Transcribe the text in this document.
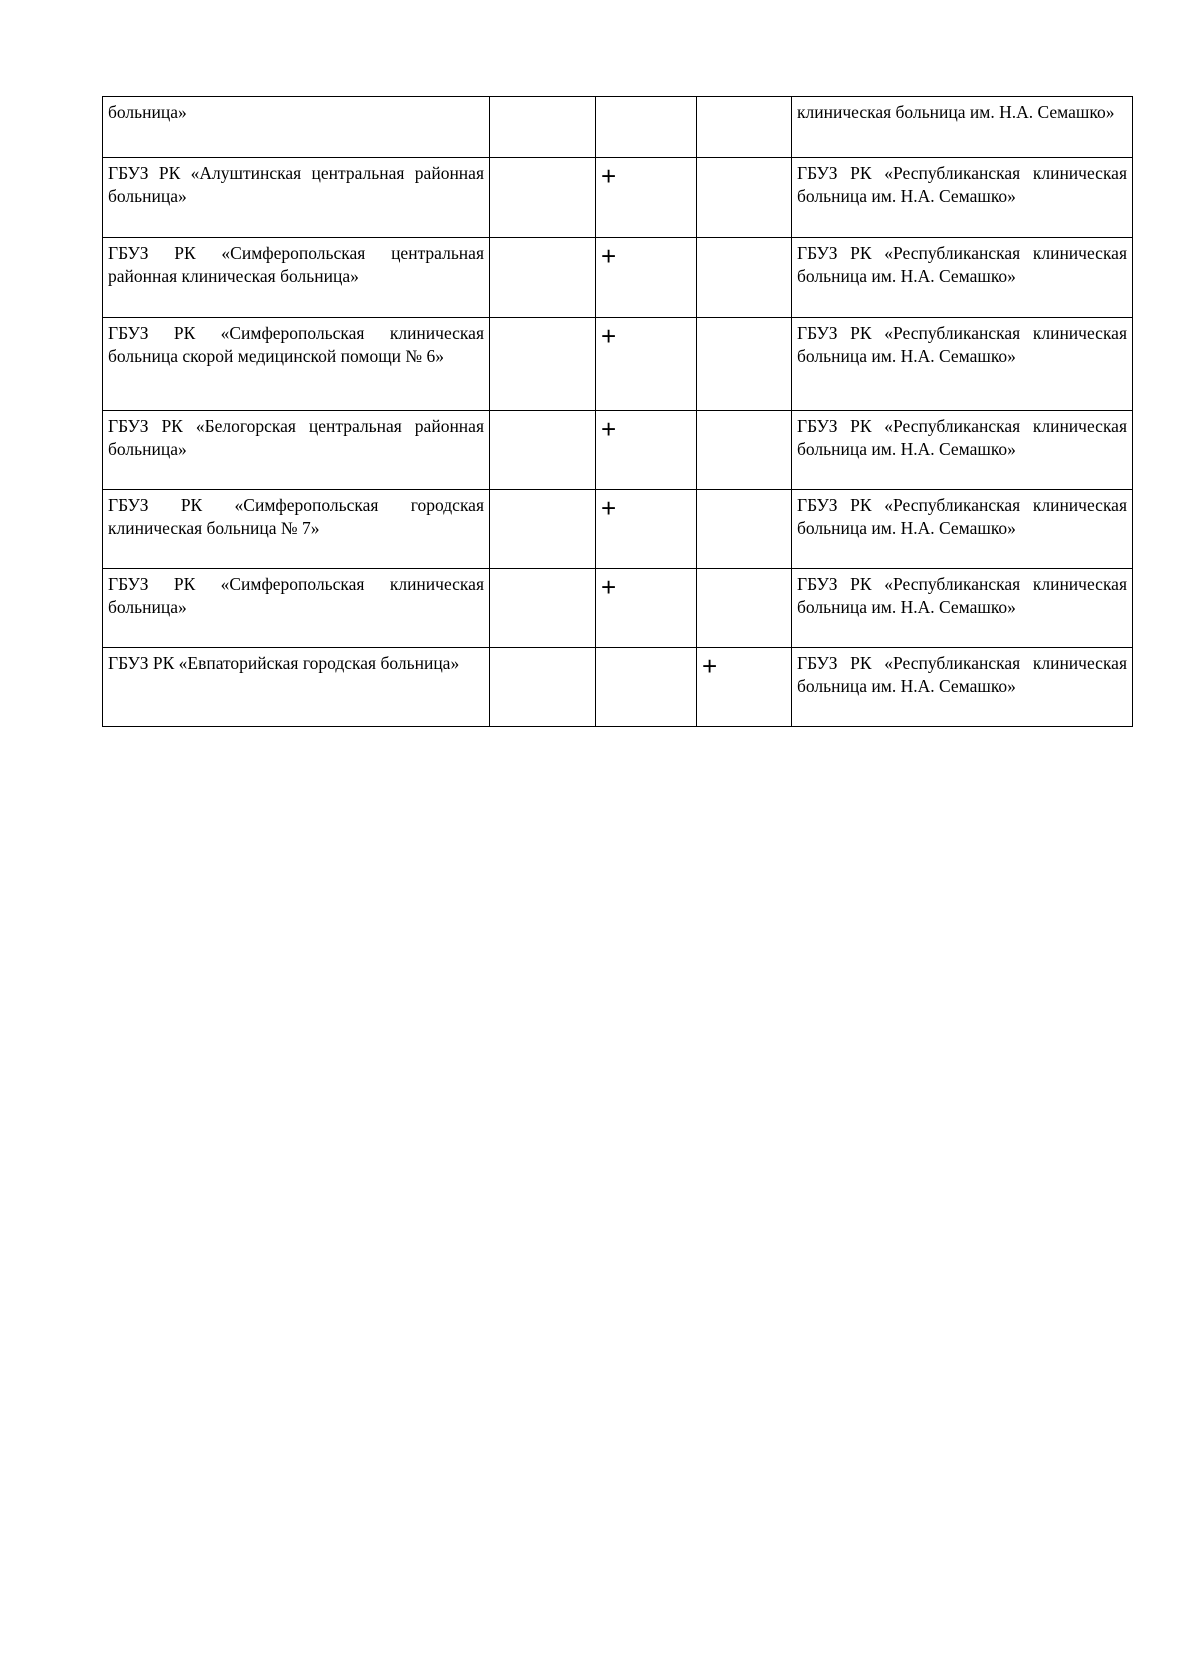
больница»				клиническая больница им. Н.А. Семашко»
ГБУЗ РК «Алуштинская центральная районная больница»		+		ГБУЗ РК «Республиканская клиническая больница им. Н.А. Семашко»
ГБУЗ РК «Симферопольская центральная районная клиническая больница»		+		ГБУЗ РК «Республиканская клиническая больница им. Н.А. Семашко»
ГБУЗ РК «Симферопольская клиническая больница скорой медицинской помощи № 6»		+		ГБУЗ РК «Республиканская клиническая больница им. Н.А. Семашко»
ГБУЗ РК «Белогорская центральная районная больница»		+		ГБУЗ РК «Республиканская клиническая больница им. Н.А. Семашко»
ГБУЗ РК «Симферопольская городская клиническая больница № 7»		+		ГБУЗ РК «Республиканская клиническая больница им. Н.А. Семашко»
ГБУЗ РК «Симферопольская клиническая больница»		+		ГБУЗ РК «Республиканская клиническая больница им. Н.А. Семашко»
ГБУЗ РК «Евпаторийская городская больница»			+	ГБУЗ РК «Республиканская клиническая больница им. Н.А. Семашко»
